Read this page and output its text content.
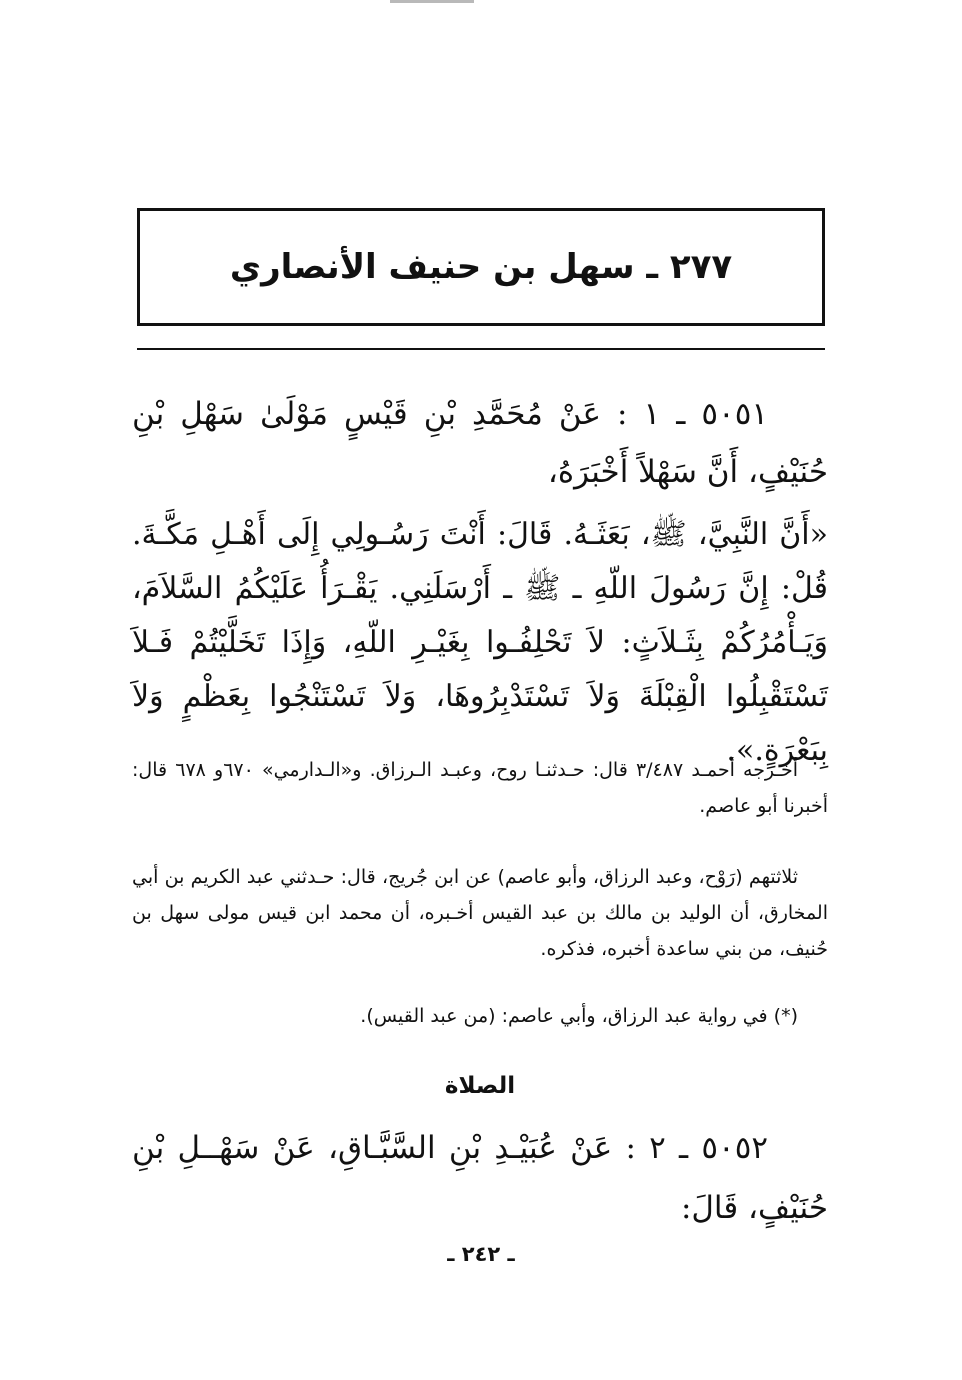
٢٧٧ ـ سهل بن حنيف الأنصاري

٥٠٥١ ـ ١ : عَنْ مُحَمَّدِ بْنِ قَيْسٍ مَوْلَىٰ سَهْلِ بْنِ حُنَيْفٍ، أَنَّ سَهْلاً أَخْبَرَهُ،

«أَنَّ النَّبِيَّ، ﷺ، بَعَثَـهُ. قَالَ: أَنْتَ رَسُـولِي إِلَى أَهْـلِ مَكَّـةَ. قُلْ: إِنَّ رَسُولَ اللّهِ ـ ﷺ ـ أَرْسَلَنِي. يَقْـرَأُ عَلَيْكُمُ السَّلاَمَ، وَيَـأْمُرُكُمْ بِثَـلاَثٍ: لاَ تَحْلِفُـوا بِغَيْـرِ اللّهِ، وَإِذَا تَخَلَّيْتُمْ فَـلاَ تَسْتَقْبِلُوا الْقِبْلَةَ وَلاَ تَسْتَدْبِرُوهَا، وَلاَ تَسْتَنْجُوا بِعَظْمٍ وَلاَ بِبَعْرَةٍ.».

أخـرجه أحمـد ٣/٤٨٧ قال: حـدثنـا روح، وعبـد الـرزاق. و«الـدارمي» ٦٧٠و ٦٧٨ قال: أخبرنا أبو عاصم.

ثلاثتهم (رَوْح، وعبد الرزاق، وأبو عاصم) عن ابن جُريج، قال: حـدثني عبد الكريم بن أبي المخارق، أن الوليد بن مالك بن عبد القيس أخـبره، أن محمد ابن قيس مولى سهل بن حُنيف، من بني ساعدة أخبره، فذكره.

(*) في رواية عبد الرزاق، وأبي عاصم: (من عبد القيس).

الصلاة

٥٠٥٢ ـ ٢ : عَنْ عُبَيْـدِ بْنِ السَّبَّـاقِ، عَنْ سَهْــلِ بْنِ حُنَيْفٍ، قَالَ:

ـ ٢٤٢ ـ
